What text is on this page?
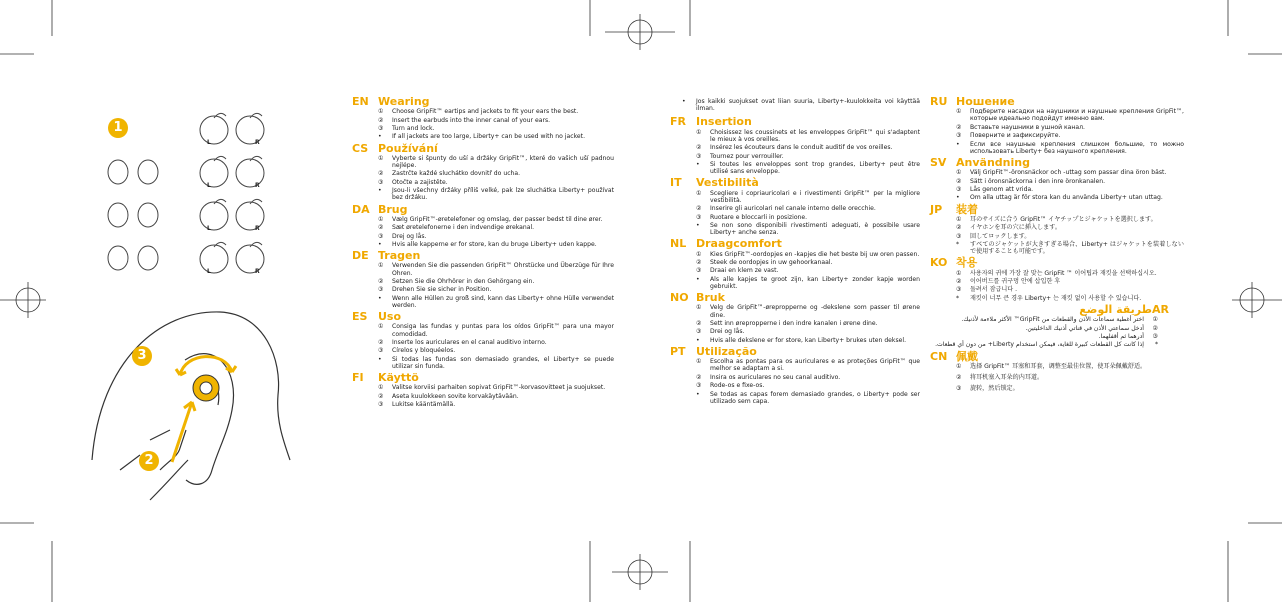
L	R
L	R
L	R
L	R
1
3
2
EN Wearing
① Choose GripFit™ eartips and jackets to fit your ears the best.
② Insert the earbuds into the inner canal of your ears.
③ Turn and lock.
• If all jackets are too large, Liberty+ can be used with no jacket.
CS Používání
① Vyberte si špunty do uší a držáky GripFit™, které do vašich uší padnou nejlépe.
② Zastrčte každé sluchátko dovnitř do ucha.
③ Otočte a zajistěte.
• Jsou-li všechny držáky příliš velké, pak lze sluchátka Liberty+ používat bez držáku.
DA Brug
① Vælg GripFit™-øretelefoner og omslag, der passer bedst til dine ører.
② Sæt øretelefonerne i den indvendige ørekanal.
③ Drej og lås.
• Hvis alle kapperne er for store, kan du bruge Liberty+ uden kappe.
DE Tragen
① Verwenden Sie die passenden GripFit™ Ohrstücke und Überzüge für Ihre Ohren.
② Setzen Sie die Ohrhörer in den Gehörgang ein.
③ Drehen Sie sie sicher in Position.
• Wenn alle Hüllen zu groß sind, kann das Liberty+ ohne Hülle verwendet werden.
ES Uso
① Consiga las fundas y puntas para los oídos GripFit™ para una mayor comodidad.
② Inserte los auriculares en el canal auditivo interno.
③ Círelos y bloquéelos.
• Si todas las fundas son demasiado grandes, el Liberty+ se puede utilizar sin funda.
FI	Käyttö
① Valitse korviisi parhaiten sopivat GripFit™-korvasovitteet ja suojukset.
② Aseta kuulokkeen sovite korvakäytävään.
③ Lukitse kääntämällä.
• Jos kaikki suojukset ovat liian suuria, Liberty+-kuulokkeita voi käyttää ilman.
FR Insertion
① Choisissez les coussinets et les enveloppes GripFit™ qui s'adaptent le mieux à vos oreilles.
② Insérez les écouteurs dans le conduit auditif de vos oreilles.
③ Tournez pour verrouiller.
• Si toutes les enveloppes sont trop grandes, Liberty+ peut être utilisé sans enveloppe.
IT	Vestibilità
① Scegliere i copriauricolari e i rivestimenti GripFit™ per la migliore vestibilità.
② Inserire gli auricolari nel canale interno delle orecchie.
③ Ruotare e bloccarli in posizione.
• Se non sono disponibili rivestimenti adeguati, è possibile usare Liberty+ anche senza.
NL Draagcomfort
① Kies GripFit™-oordopjes en -kapjes die het beste bij uw oren passen.
② Steek de oordopjes in uw gehoorkanaal.
③ Draai en klem ze vast.
• Als alle kapjes te groot zijn, kan Liberty+ zonder kapje worden gebruikt.
NO Bruk
① Velg de GripFit™-ørepropperne og -dekslene som passer til ørene dine.
② Sett inn ørepropperne i den indre kanalen i ørene dine.
③ Drei og lås.
• Hvis alle dekslene er for store, kan Liberty+ brukes uten deksel.
PT Utilização
① Escolha as pontas para os auriculares e as proteções GripFit™ que melhor se adaptam a si.
② Insira os auriculares no seu canal auditivo.
③ Rode-os e fixe-os.
• Se todas as capas forem demasiado grandes, o Liberty+ pode ser utilizado sem capa.
RU Ношение
① Подберите насадки на наушники и наушные крепления GripFit™, которые идеально подойдут именно вам.
② Вставьте наушники в ушной канал.
③ Поверните и зафиксируйте.
• Если все наушные крепления слишком большие, то можно использовать Liberty+ без наушного крепления.
SV Användning
① Välj GripFit™-öronsnäckor och -uttag som passar dina öron bäst.
② Sätt i öronsnäckorna i den inre öronkanalen.
③ Lås genom att vrida.
• Om alla uttag är för stora kan du använda Liberty+ utan uttag.
JP	装着
① 耳のサイズに合う GripFit™ イヤチップとジャケットを選択します。
② イヤホンを耳の穴に挿入します。
③ 回してロックします。
* すべてのジャケットが大きすぎる場合、Liberty+ はジャケットを装着しないで使用することも可能です。
KO 착용
① 사용자의 귀에 가장 잘 맞는 GripFit ™ 이어팁과 재킷을 선택하십시오.
② 이어버드를 귀구멍 안에 삽입한 후
③ 돌려서 잠급니다 .
* 재킷이 너무 큰 경우 Liberty+ 는 재킷 없이 사용할 수 있습니다.
AR
طريقة الوضع
①
اختر أغطية سماعات الأذن والقطعات من GripFit™ الأكثر ملاءمة لأذنيك.
②
أدخل سماعتي الأذن في قناتي أذنيك الداخليتين.
③
أدرهما ثم أقفلهما.
*
إذا كانت كل القطعات كبيرة للغاية، فيمكن استخدام Liberty+ من دون أي قطعات.
CN 佩戴
① 选择 GripFit™ 耳塞和耳套，调整至最佳位置，使耳朵佩戴舒适。
② 将耳机塞入耳朵的内耳道。
③ 旋转，然后锁定。
